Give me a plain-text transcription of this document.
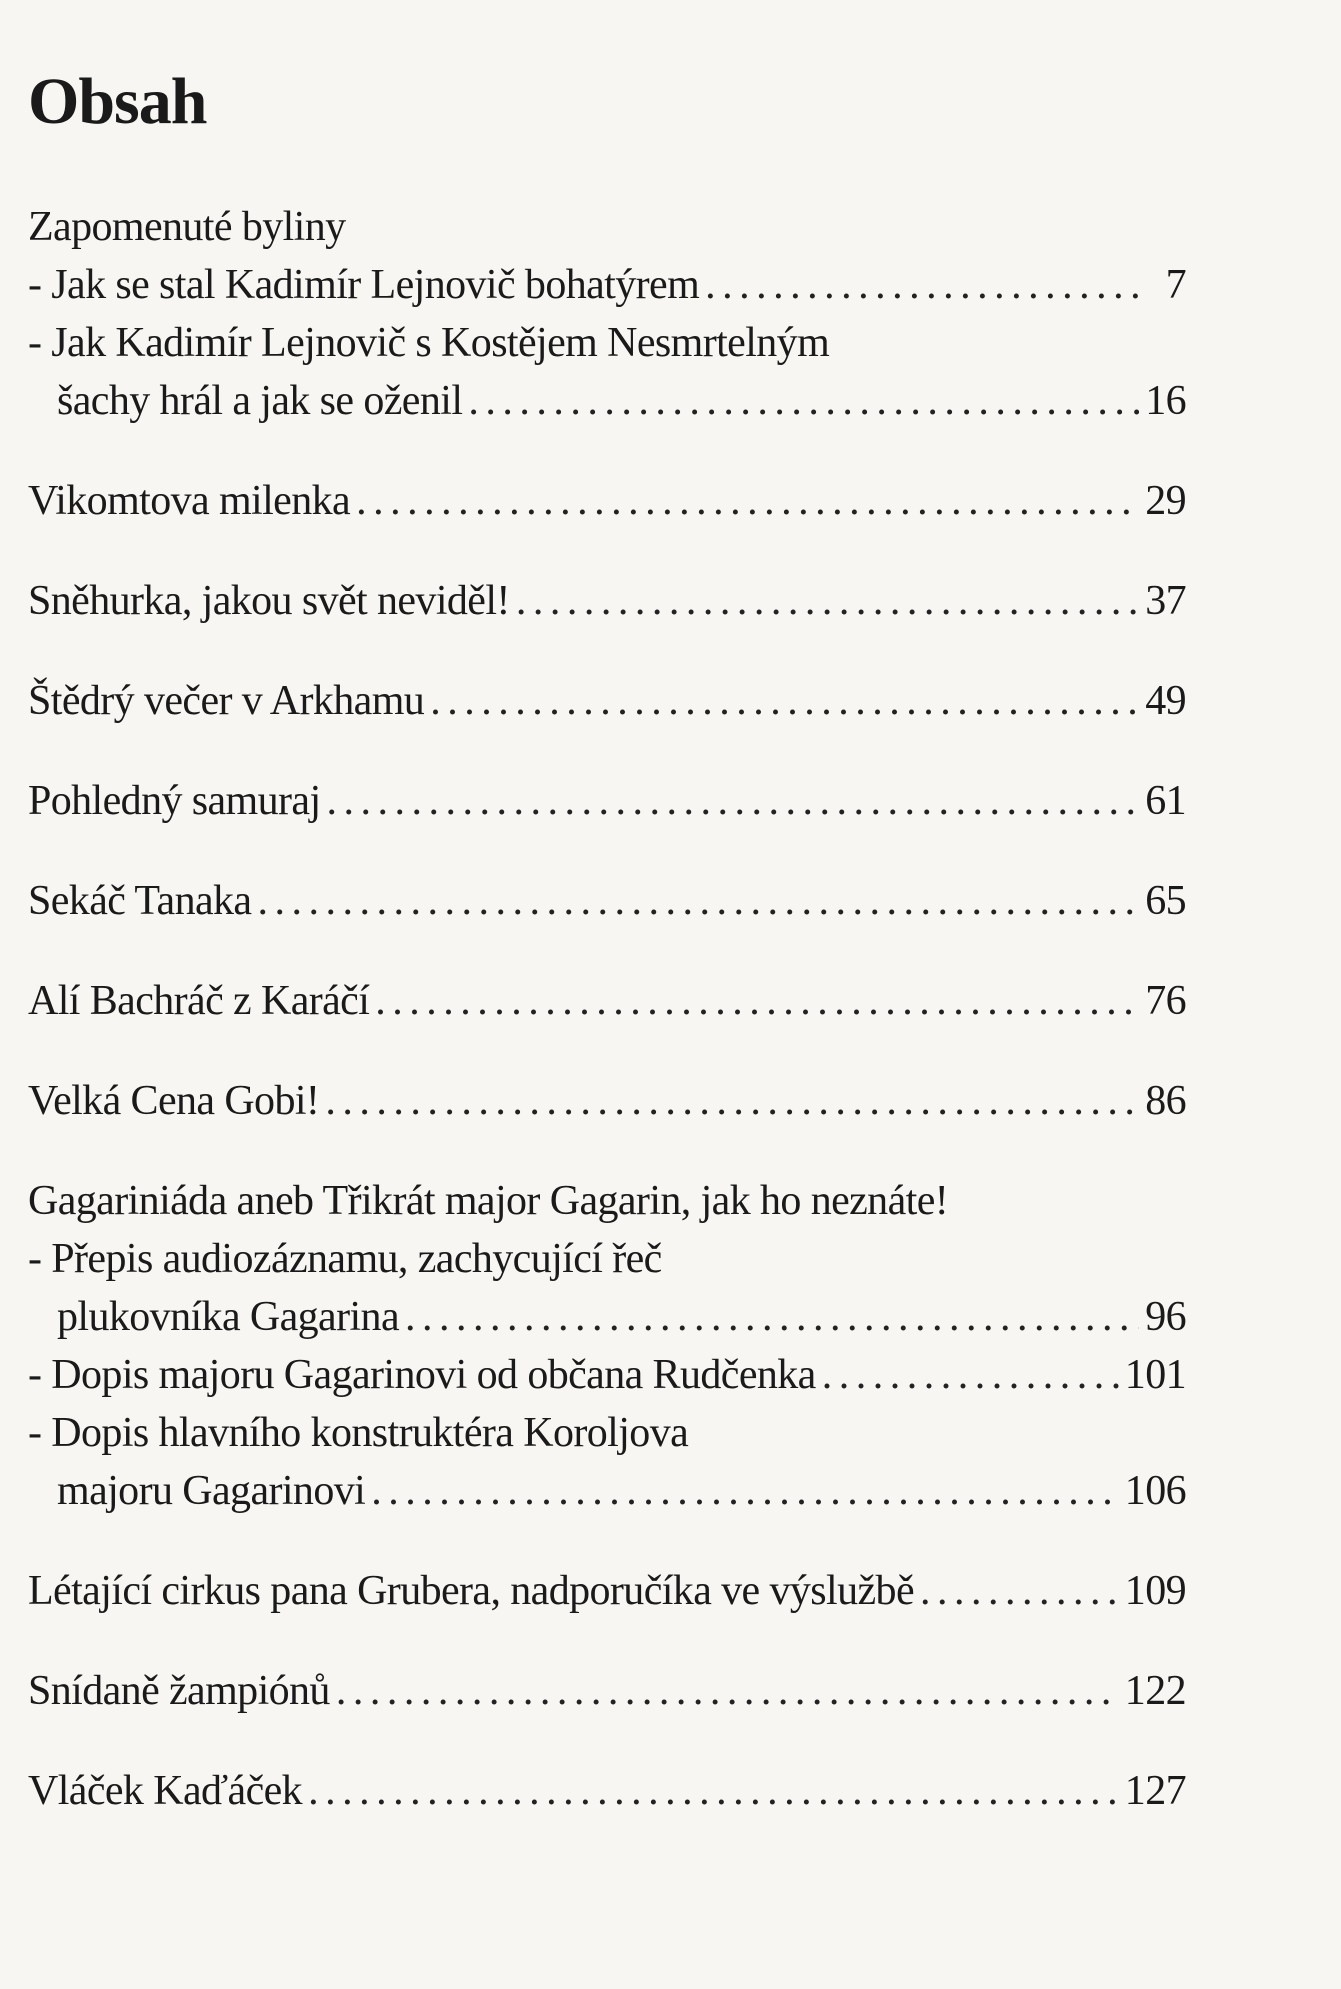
Obsah
Zapomenuté byliny
- Jak se stal Kadimír Lejnovič bohatýrem . . .	7
- Jak Kadimír Lejnovič s Kostějem Nesmrtelným
šachy hrál a jak se oženil . . .	16
Vikomtova milenka . . .	29
Sněhurka, jakou svět neviděl! . . .	37
Štědrý večer v Arkhamu . . .	49
Pohledný samuraj . . .	61
Sekáč Tanaka . . .	65
Alí Bachráč z Karáčí . . .	76
Velká Cena Gobi! . . .	86
Gagariniáda aneb Třikrát major Gagarin, jak ho neznáte!
- Přepis audiozáznamu, zachycující řeč
plukovníka Gagarina . . .	96
- Dopis majoru Gagarinovi od občana Rudčenka . . .	101
- Dopis hlavního konstruktéra Koroljova
majoru Gagarinovi . . .	106
Létající cirkus pana Grubera, nadporučíka ve výslužbě . . .	109
Snídaně žampiónů . . .	122
Vláček Kaďáček . . .	127
